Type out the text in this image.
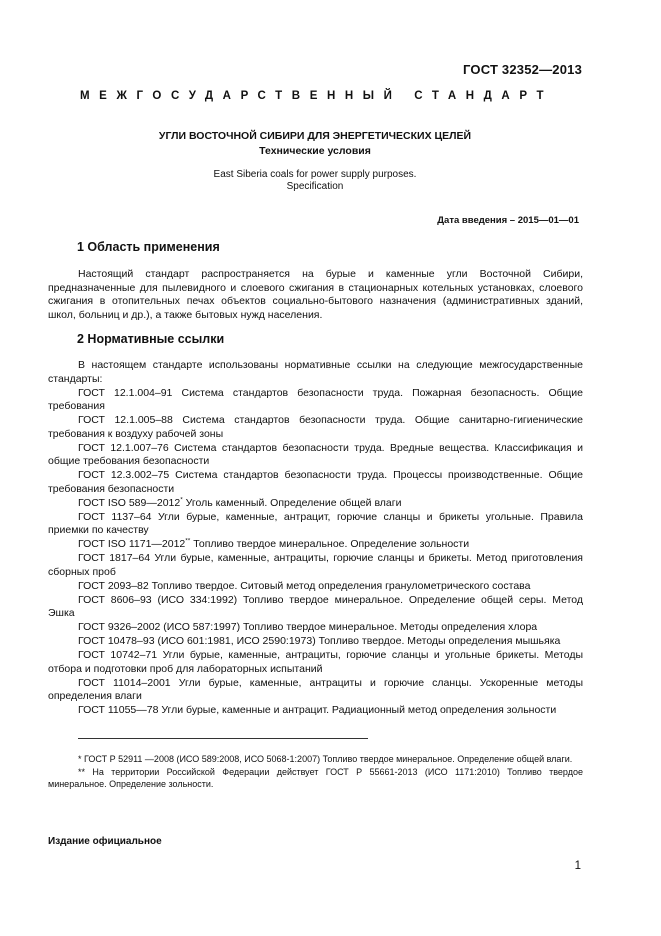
ГОСТ 32352—2013
МЕЖГОСУДАРСТВЕННЫЙ СТАНДАРТ
УГЛИ ВОСТОЧНОЙ СИБИРИ ДЛЯ ЭНЕРГЕТИЧЕСКИХ ЦЕЛЕЙ
Технические условия
East Siberia coals for power supply purposes.
Specification
Дата введения – 2015—01—01
1 Область применения

Настоящий стандарт распространяется на бурые и каменные угли Восточной Сибири, предназначенные для пылевидного и слоевого сжигания в стационарных котельных установках, слоевого сжигания в отопительных печах объектов социально-бытового назначения (административных зданий, школ, больниц и др.), а также бытовых нужд населения.

2 Нормативные ссылки

В настоящем стандарте использованы нормативные ссылки на следующие межгосударственные стандарты:

ГОСТ 12.1.004–91 Система стандартов безопасности труда. Пожарная безопасность. Общие требования

ГОСТ 12.1.005–88 Система стандартов безопасности труда. Общие санитарно-гигиенические требования к воздуху рабочей зоны

ГОСТ 12.1.007–76 Система стандартов безопасности труда. Вредные вещества. Классификация и общие требования безопасности

ГОСТ 12.3.002–75 Система стандартов безопасности труда. Процессы производственные. Общие требования безопасности

ГОСТ ISO 589—2012* Уголь каменный. Определение общей влаги

ГОСТ 1137–64 Угли бурые, каменные, антрацит, горючие сланцы и брикеты угольные. Правила приемки по качеству

ГОСТ ISO 1171—2012** Топливо твердое минеральное. Определение зольности

ГОСТ 1817–64 Угли бурые, каменные, антрациты, горючие сланцы и брикеты. Метод приготовления сборных проб

ГОСТ 2093–82 Топливо твердое. Ситовый метод определения гранулометрического состава

ГОСТ 8606–93 (ИСО 334:1992) Топливо твердое минеральное. Определение общей серы. Метод Эшка

ГОСТ 9326–2002 (ИСО 587:1997) Топливо твердое минеральное. Методы определения хлора

ГОСТ 10478–93 (ИСО 601:1981, ИСО 2590:1973) Топливо твердое. Методы определения мышьяка

ГОСТ 10742–71 Угли бурые, каменные, антрациты, горючие сланцы и угольные брикеты. Методы отбора и подготовки проб для лабораторных испытаний

ГОСТ 11014–2001 Угли бурые, каменные, антрациты и горючие сланцы. Ускоренные методы определения влаги

ГОСТ 11055—78 Угли бурые, каменные и антрацит. Радиационный метод определения зольности

* ГОСТ Р 52911 —2008 (ИСО 589:2008, ИСО 5068-1:2007) Топливо твердое минеральное. Определение общей влаги.

** На территории Российской Федерации действует ГОСТ Р 55661-2013 (ИСО 1171:2010) Топливо твердое минеральное. Определение зольности.

Издание официальное
1
